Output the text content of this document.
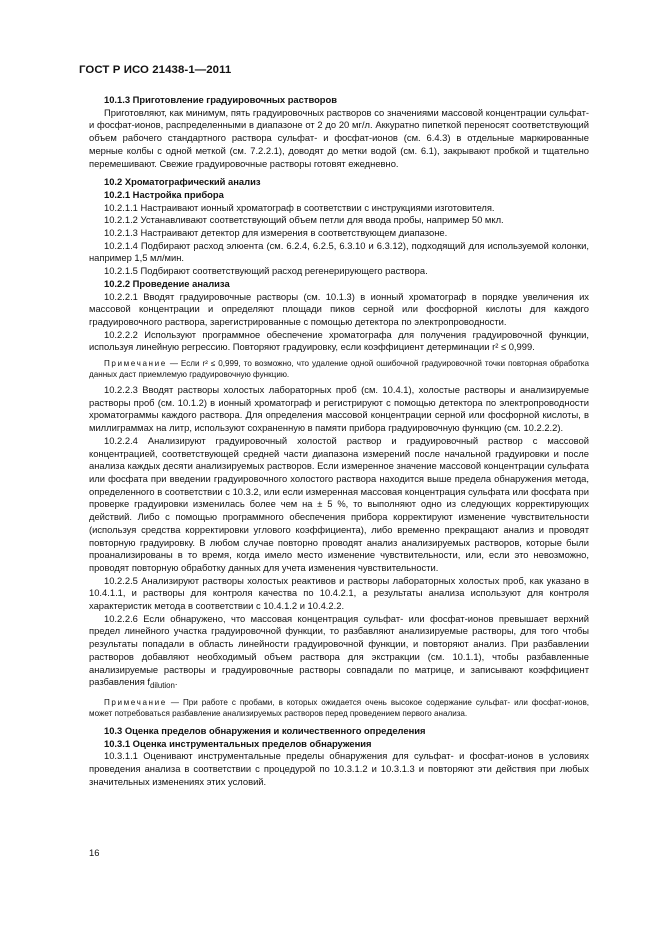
ГОСТ Р ИСО 21438-1—2011

10.1.3 Приготовление градуировочных растворов

Приготовляют, как минимум, пять градуировочных растворов со значениями массовой концентрации сульфат- и фосфат-ионов, распределенными в диапазоне от 2 до 20 мг/л. Аккуратно пипеткой переносят соответствующий объем рабочего стандартного раствора сульфат- и фосфат-ионов (см. 6.4.3) в отдельные маркированные мерные колбы с одной меткой (см. 7.2.2.1), доводят до метки водой (см. 6.1), закрывают пробкой и тщательно перемешивают. Свежие градуировочные растворы готовят ежедневно.

10.2 Хроматографический анализ

10.2.1 Настройка прибора

10.2.1.1 Настраивают ионный хроматограф в соответствии с инструкциями изготовителя.

10.2.1.2 Устанавливают соответствующий объем петли для ввода пробы, например 50 мкл.

10.2.1.3 Настраивают детектор для измерения в соответствующем диапазоне.

10.2.1.4 Подбирают расход элюента (см. 6.2.4, 6.2.5, 6.3.10 и 6.3.12), подходящий для используемой колонки, например 1,5 мл/мин.

10.2.1.5 Подбирают соответствующий расход регенерирующего раствора.

10.2.2 Проведение анализа

10.2.2.1 Вводят градуировочные растворы (см. 10.1.3) в ионный хроматограф в порядке увеличения их массовой концентрации и определяют площади пиков серной или фосфорной кислоты для каждого градуировочного раствора, зарегистрированные с помощью детектора по электропроводности.

10.2.2.2 Используют программное обеспечение хроматографа для получения градуировочной функции, используя линейную регрессию. Повторяют градуировку, если коэффициент детерминации r² ≤ 0,999.

Примечание — Если r² ≤ 0,999, то возможно, что удаление одной ошибочной градуировочной точки повторная обработка данных даст приемлемую градуировочную функцию.

10.2.2.3 Вводят растворы холостых лабораторных проб (см. 10.4.1), холостые растворы и анализируемые растворы проб (см. 10.1.2) в ионный хроматограф и регистрируют с помощью детектора по электропроводности хроматограммы каждого раствора. Для определения массовой концентрации серной или фосфорной кислоты, в миллиграммах на литр, используют сохраненную в памяти прибора градуировочную функцию (см. 10.2.2.2).

10.2.2.4 Анализируют градуировочный холостой раствор и градуировочный раствор с массовой концентрацией, соответствующей средней части диапазона измерений после начальной градуировки и после анализа каждых десяти анализируемых растворов. Если измеренное значение массовой концентрации сульфата или фосфата при введении градуировочного холостого раствора находится выше предела обнаружения метода, определенного в соответствии с 10.3.2, или если измеренная массовая концентрация сульфата или фосфата при проверке градуировки изменилась более чем на ± 5 %, то выполняют одно из следующих корректирующих действий. Либо с помощью программного обеспечения прибора корректируют изменение чувствительности (используя средства корректировки углового коэффициента), либо временно прекращают анализ и проводят повторную градуировку. В любом случае повторно проводят анализ анализируемых растворов, которые были проанализированы в то время, когда имело место изменение чувствительности, или, если это невозможно, проводят повторную обработку данных для учета изменения чувствительности.

10.2.2.5 Анализируют растворы холостых реактивов и растворы лабораторных холостых проб, как указано в 10.4.1.1, и растворы для контроля качества по 10.4.2.1, а результаты анализа используют для контроля характеристик метода в соответствии с 10.4.1.2 и 10.4.2.2.

10.2.2.6 Если обнаружено, что массовая концентрация сульфат- или фосфат-ионов превышает верхний предел линейного участка градуировочной функции, то разбавляют анализируемые растворы, для того чтобы результаты попадали в область линейности градуировочной функции, и повторяют анализ. При разбавлении растворов добавляют необходимый объем раствора для экстракции (см. 10.1.1), чтобы разбавленные анализируемые растворы и градуировочные растворы совпадали по матрице, и записывают коэффициент разбавления $f_{dilution}$.

Примечание — При работе с пробами, в которых ожидается очень высокое содержание сульфат- или фосфат-ионов, может потребоваться разбавление анализируемых растворов перед проведением первого анализа.

10.3 Оценка пределов обнаружения и количественного определения

10.3.1 Оценка инструментальных пределов обнаружения

10.3.1.1 Оценивают инструментальные пределы обнаружения для сульфат- и фосфат-ионов в условиях проведения анализа в соответствии с процедурой по 10.3.1.2 и 10.3.1.3 и повторяют эти действия при любых значительных изменениях этих условий.

16
